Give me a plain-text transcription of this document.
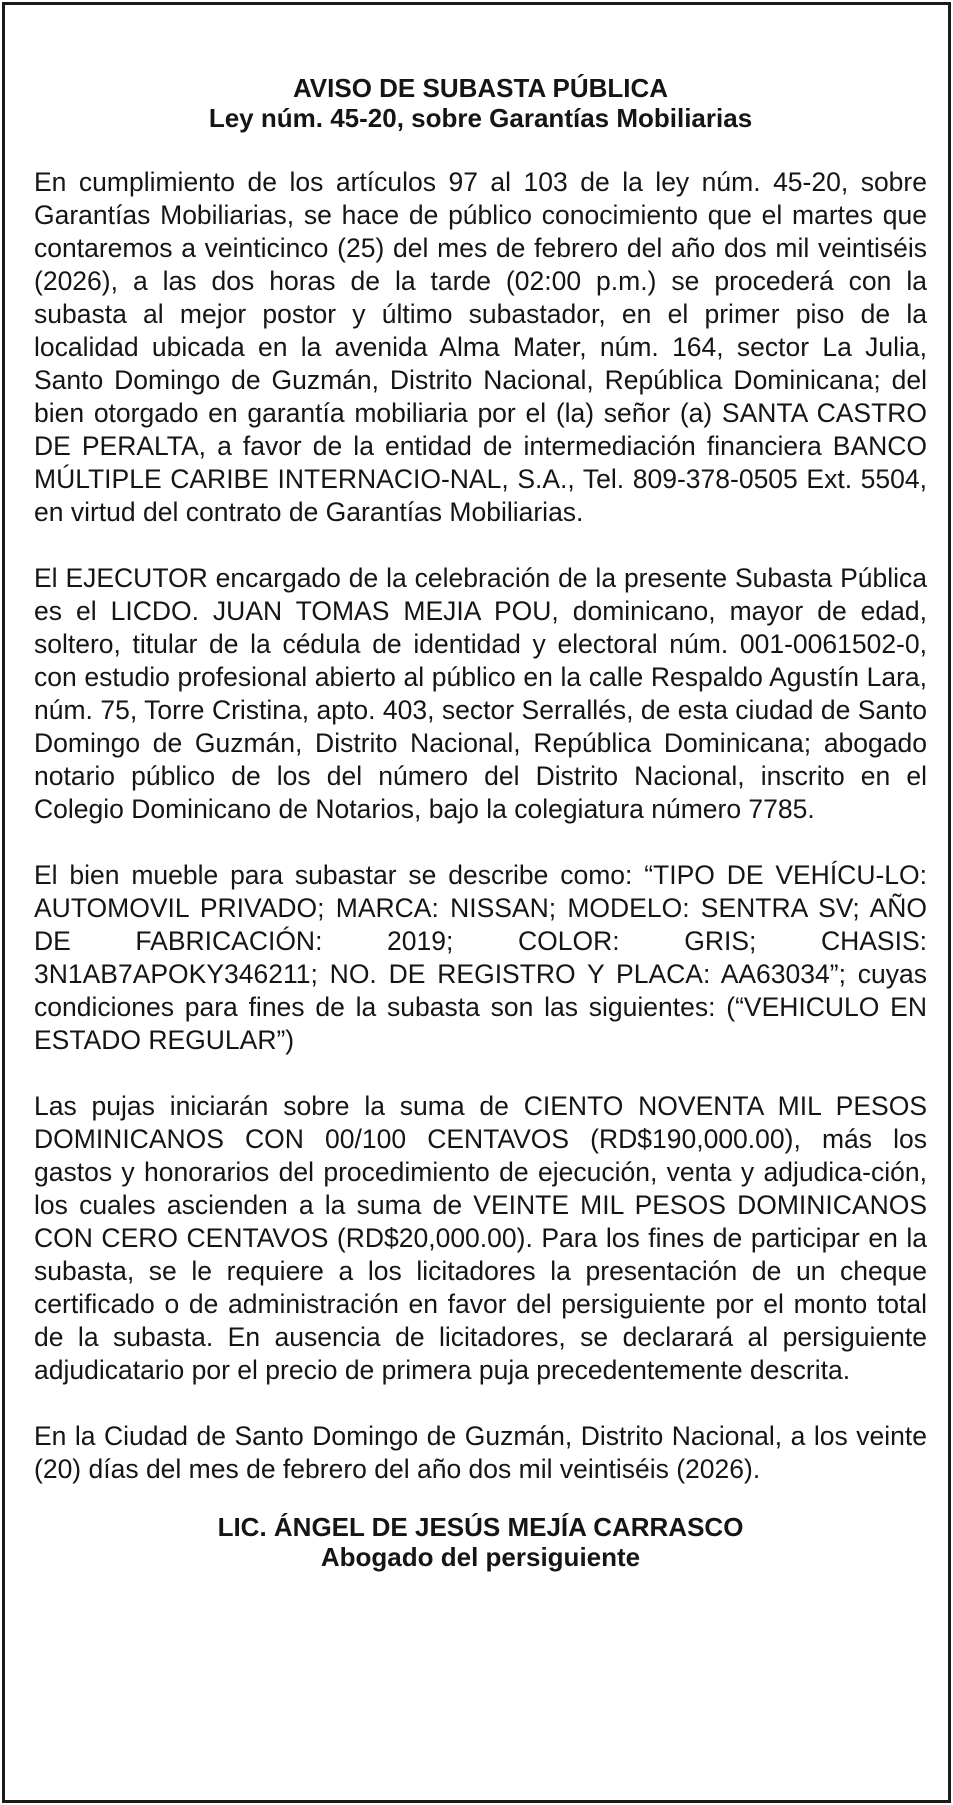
AVISO DE SUBASTA PÚBLICA

Ley núm. 45-20, sobre Garantías Mobiliarias

En cumplimiento de los artículos 97 al 103 de la ley núm. 45-20, sobre Garantías Mobiliarias, se hace de público conocimiento que el martes que contaremos a veinticinco (25) del mes de febrero del año dos mil veintiséis (2026), a las dos horas de la tarde (02:00 p.m.) se procederá con la subasta al mejor postor y último subastador, en el primer piso de la localidad ubicada en la avenida Alma Mater, núm. 164, sector La Julia, Santo Domingo de Guzmán, Distrito Nacional, República Dominicana; del bien otorgado en garantía mobiliaria por el (la) señor (a) SANTA CASTRO DE PERALTA, a favor de la entidad de intermediación financiera BANCO MÚLTIPLE CARIBE INTERNACIO-NAL, S.A., Tel. 809-378-0505 Ext. 5504, en virtud del contrato de Garantías Mobiliarias.

El EJECUTOR encargado de la celebración de la presente Subasta Pública es el LICDO. JUAN TOMAS MEJIA POU, dominicano, mayor de edad, soltero, titular de la cédula de identidad y electoral núm. 001-0061502-0, con estudio profesional abierto al público en la calle Respaldo Agustín Lara, núm. 75, Torre Cristina, apto. 403, sector Serrallés, de esta ciudad de Santo Domingo de Guzmán, Distrito Nacional, República Dominicana; abogado notario público de los del número del Distrito Nacional, inscrito en el Colegio Dominicano de Notarios, bajo la colegiatura número 7785.

El bien mueble para subastar se describe como: “TIPO DE VEHÍCU-LO: AUTOMOVIL PRIVADO; MARCA: NISSAN; MODELO: SENTRA SV; AÑO DE FABRICACIÓN: 2019; COLOR: GRIS; CHASIS: 3N1AB7APOKY346211; NO. DE REGISTRO Y PLACA: AA63034”; cuyas condiciones para fines de la subasta son las siguientes: (“VEHICULO EN ESTADO REGULAR”)

Las pujas iniciarán sobre la suma de CIENTO NOVENTA MIL PESOS DOMINICANOS CON 00/100 CENTAVOS (RD$190,000.00), más los gastos y honorarios del procedimiento de ejecución, venta y adjudica-ción, los cuales ascienden a la suma de VEINTE MIL PESOS DOMINICANOS CON CERO CENTAVOS (RD$20,000.00). Para los fines de participar en la subasta, se le requiere a los licitadores la presentación de un cheque certificado o de administración en favor del persiguiente por el monto total de la subasta. En ausencia de licitadores, se declarará al persiguiente adjudicatario por el precio de primera puja precedentemente descrita.

En la Ciudad de Santo Domingo de Guzmán, Distrito Nacional, a los veinte (20) días del mes de febrero del año dos mil veintiséis (2026).

LIC. ÁNGEL DE JESÚS MEJÍA CARRASCO
Abogado del persiguiente
